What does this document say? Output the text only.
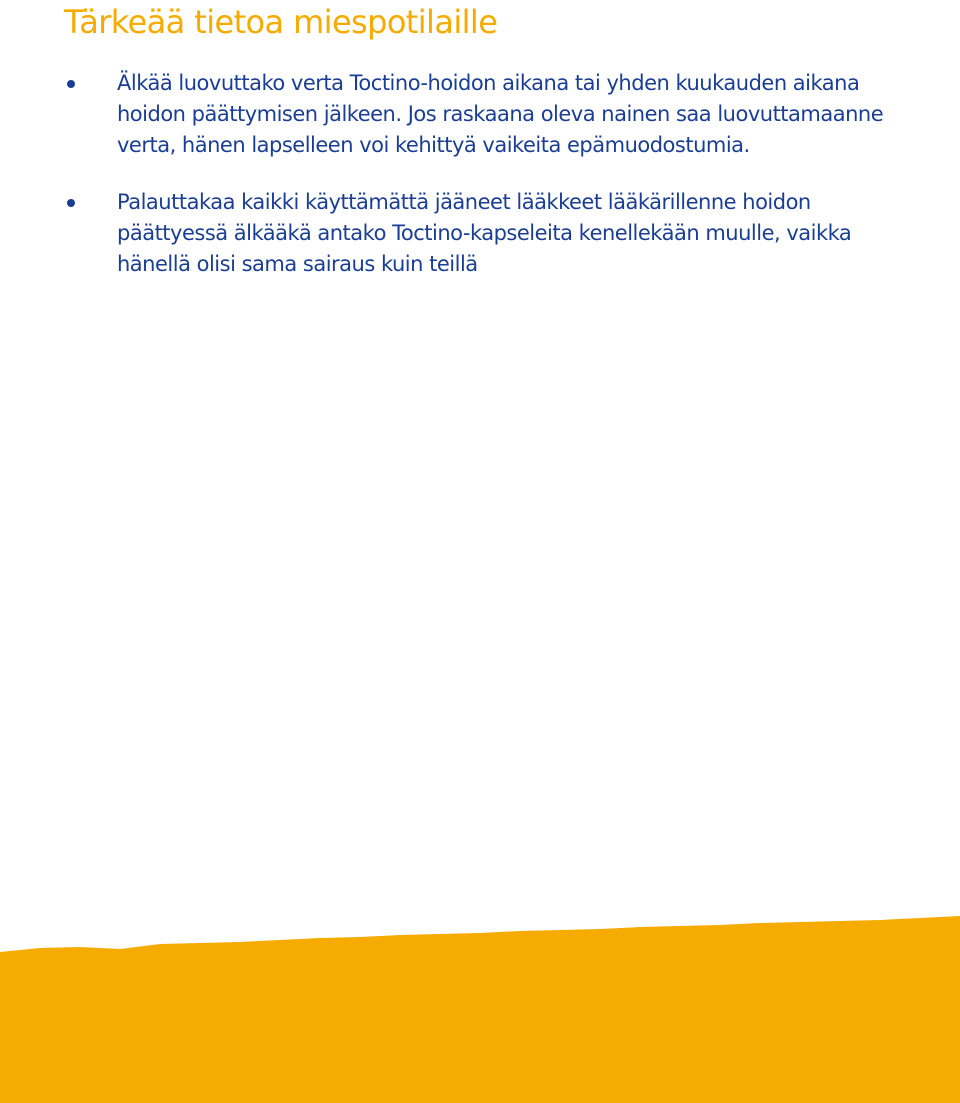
Tärkeää tietoa miespotilaille
Älkää luovuttako verta Toctino-hoidon aikana tai yhden kuukauden aikana hoidon päättymisen jälkeen. Jos raskaana oleva nainen saa luovuttamaanne verta, hänen lapselleen voi kehittyä vaikeita epämuodostumia.
Palauttakaa kaikki käyttämättä jääneet lääkkeet lääkärillenne hoidon päättyessä älkääkä antako Toctino-kapseleita kenellekään muulle, vaikka hänellä olisi sama sairaus kuin teillä
